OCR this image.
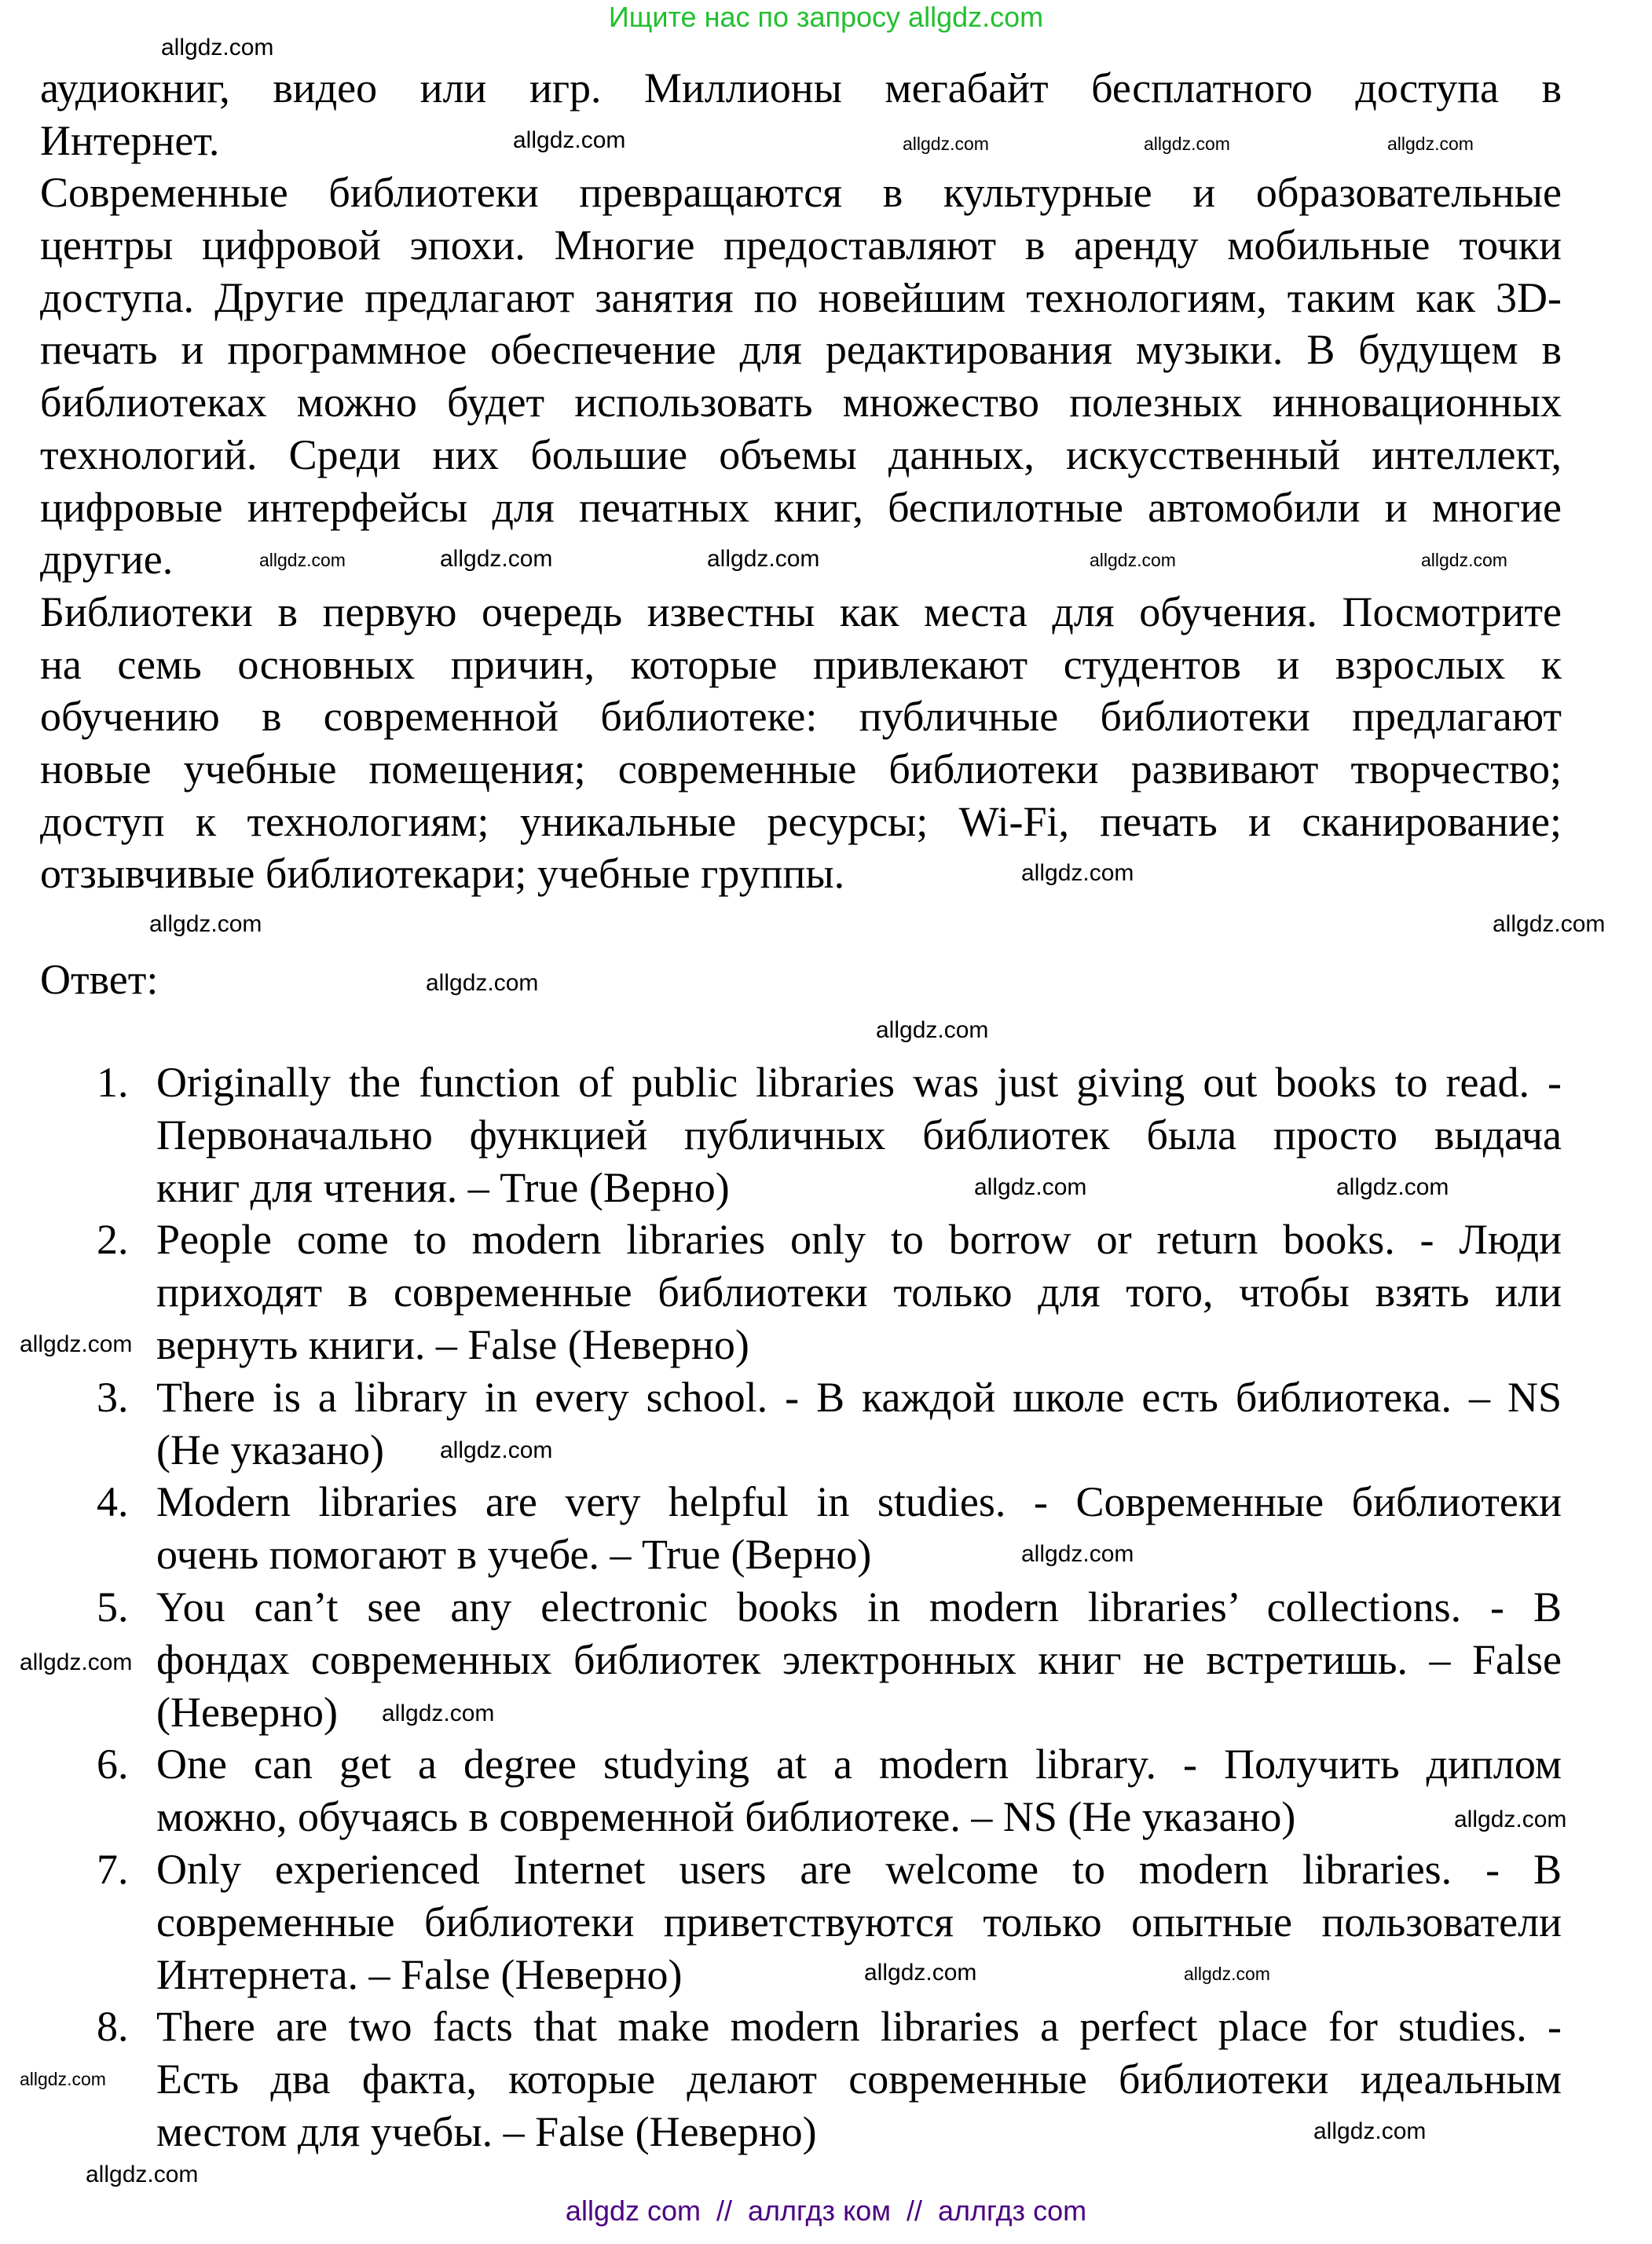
Ищите нас по запросу allgdz.com
аудиокниг, видео или игр. Миллионы мегабайт бесплатного доступа в
Интернет.
Современные библиотеки превращаются в культурные и образовательные
центры цифровой эпохи. Многие предоставляют в аренду мобильные точки
доступа. Другие предлагают занятия по новейшим технологиям, таким как 3D-
печать и программное обеспечение для редактирования музыки. В будущем в
библиотеках можно будет использовать множество полезных инновационных
технологий. Среди них большие объемы данных, искусственный интеллект,
цифровые интерфейсы для печатных книг, беспилотные автомобили и многие
другие.
Библиотеки в первую очередь известны как места для обучения. Посмотрите
на семь основных причин, которые привлекают студентов и взрослых к
обучению в современной библиотеке: публичные библиотеки предлагают
новые учебные помещения; современные библиотеки развивают творчество;
доступ к технологиям; уникальные ресурсы; Wi-Fi, печать и сканирование;
отзывчивые библиотекари; учебные группы.
Ответ:
1. Originally the function of public libraries was just giving out books to read. -
Первоначально функцией публичных библиотек была просто выдача
книг для чтения. – True (Верно)
2. People come to modern libraries only to borrow or return books. - Люди
приходят в современные библиотеки только для того, чтобы взять или
вернуть книги. – False (Неверно)
3. There is a library in every school. - В каждой школе есть библиотека. – NS
(Не указано)
4. Modern libraries are very helpful in studies. - Современные библиотеки
очень помогают в учебе. – True (Верно)
5. You can’t see any electronic books in modern libraries’ collections. - В
фондах современных библиотек электронных книг не встретишь. – False
(Неверно)
6. One can get a degree studying at a modern library. - Получить диплом
можно, обучаясь в современной библиотеке. – NS (Не указано)
7. Only experienced Internet users are welcome to modern libraries. - В
современные библиотеки приветствуются только опытные пользователи
Интернета. – False (Неверно)
8. There are two facts that make modern libraries a perfect place for studies. -
Есть два факта, которые делают современные библиотеки идеальным
местом для учебы. – False (Неверно)
allgdz.com
allgdz.com	allgdz.com	allgdz.com	allgdz.com
allgdz.com	allgdz.com	allgdz.com
allgdz.com	allgdz.com
allgdz.com
allgdz.com
allgdz.com
allgdz.com
allgdz.com
allgdz.com
allgdz.com
allgdz.com
allgdz.com
allgdz.com
allgdz.com
allgdz.com
allgdz.com
allgdz.com
allgdz.com
allgdz.com
allgdz.com
allgdz.com
allgdz com  //  аллгдз ком  //  аллгдз com
